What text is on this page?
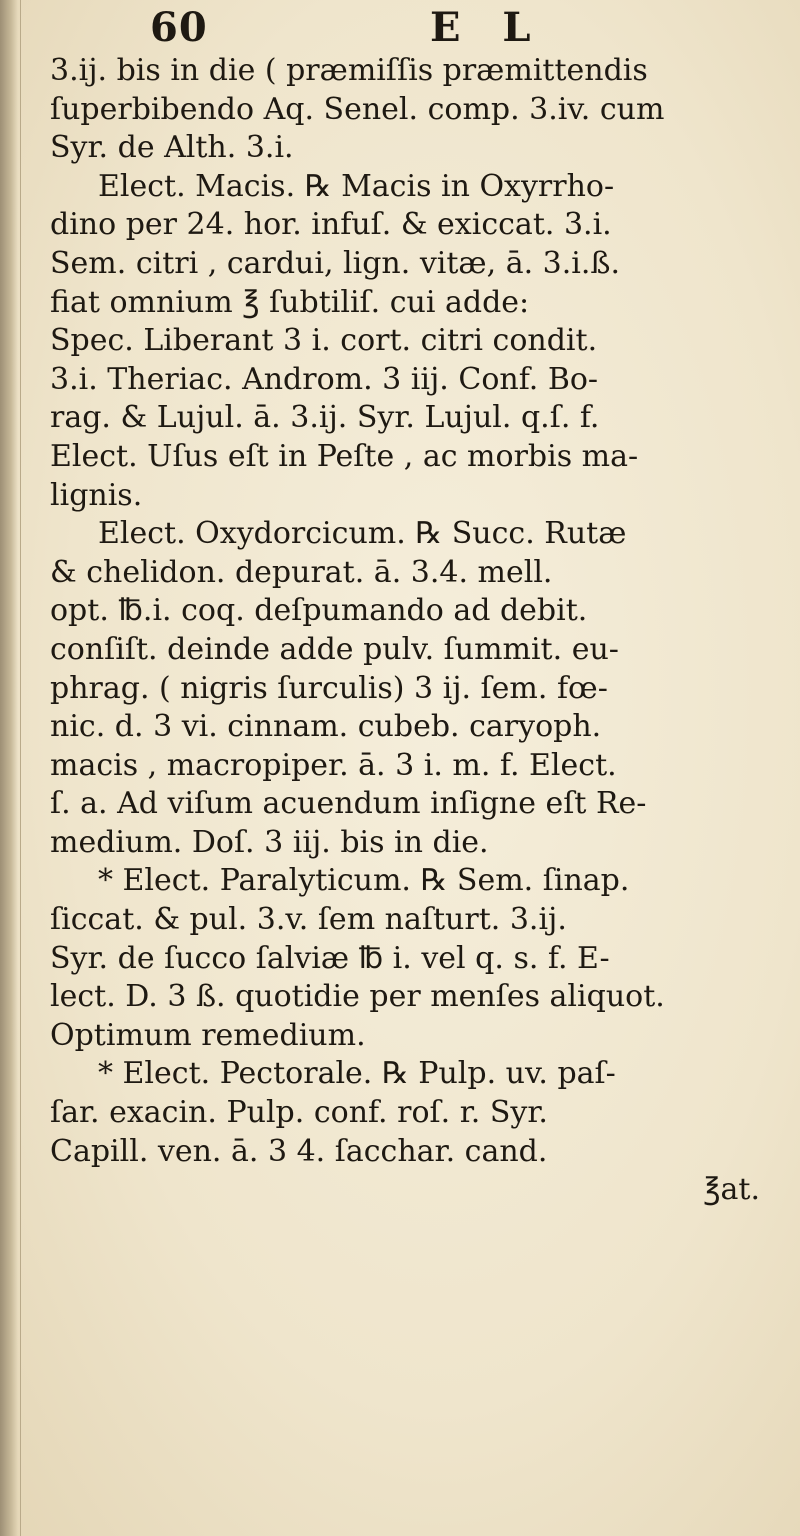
60	E L
3.ij. bis in die ( præmiſſis præmittendis
ſuperbibendo Aq. Senel. comp. 3.iv. cum
Syr. de Alth. 3.i.
Elect. Macis. ℞ Macis in Oxyrrho-
dino per 24. hor. infuſ. & exiccat. 3.i.
Sem. citri , cardui, lign. vitæ, ā. 3.i.ß.
fiat omnium ℥ ſubtiliſ. cui adde:
Spec. Liberant 3 i. cort. citri condit.
3.i. Theriac. Androm. 3 iij. Conf. Bo-
rag. & Lujul. ā. 3.ij. Syr. Lujul. q.ſ. f.
Elect. Uſus eſt in Peſte , ac morbis ma-
lignis.
Elect. Oxydorcicum. ℞ Succ. Rutæ
& chelidon. depurat. ā. 3.4. mell.
opt. ℔.i. coq. deſpumando ad debit.
conſiſt. deinde adde pulv. ſummit. eu-
phrag. ( nigris ſurculis) 3 ij. ſem. fœ-
nic. d. 3 vi. cinnam. cubeb. caryoph.
macis , macropiper. ā. 3 i. m. f. Elect.
ſ. a. Ad viſum acuendum inſigne eſt Re-
medium. Doſ. 3 iij. bis in die.
* Elect. Paralyticum. ℞ Sem. ſinap.
ſiccat. & pul. 3.v. ſem naſturt. 3.ij.
Syr. de ſucco ſalviæ ℔ i. vel q. s. f. E-
lect. D. 3 ß. quotidie per menſes aliquot.
Optimum remedium.
* Elect. Pectorale. ℞ Pulp. uv. paſ-
ſar. exacin. Pulp. conf. roſ. r. Syr.
Capill. ven. ā. 3 4. ſacchar. cand.
℥at.
